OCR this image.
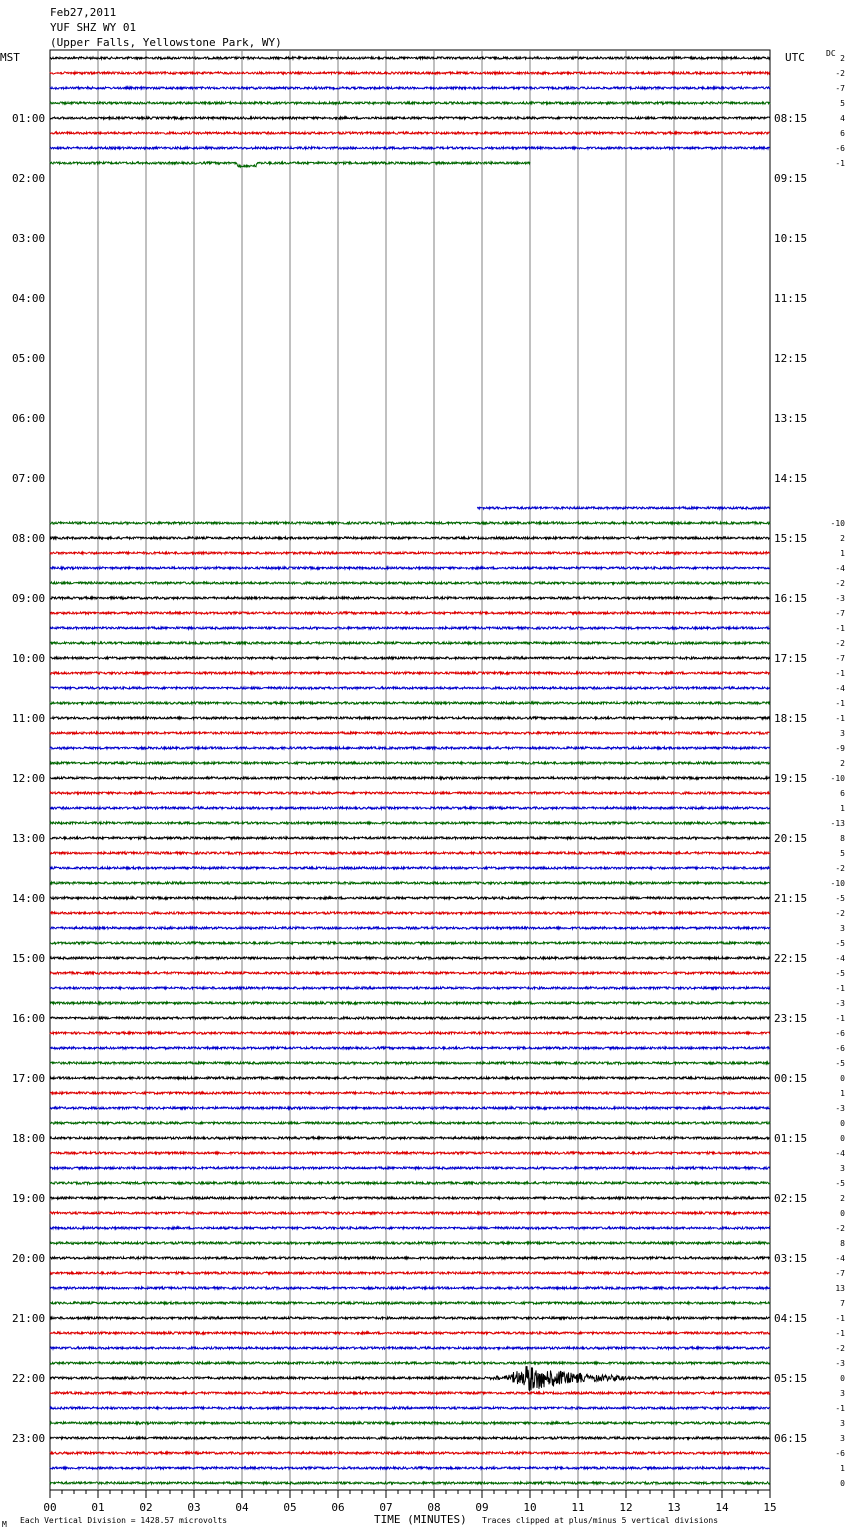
Feb27,2011
YUF SHZ WY 01
(Upper Falls, Yellowstone Park, WY)
MST	UTC	DC
01:00
02:00
03:00
04:00
05:00
06:00
07:00
08:00
09:00
10:00
11:00
12:00
13:00
14:00
15:00
16:00
17:00
18:00
19:00
20:00
21:00
22:00
23:00
08:15
09:15
10:15
11:15
12:15
13:15
14:15
15:15
16:15
17:15
18:15
19:15
20:15
21:15
22:15
23:15
00:15
01:15
02:15
03:15
04:15
05:15
06:15
2
-2
-7
5
4
6
-6
-1
-10
2
1
-4
-2
-3
-7
-1
-2
-7
-1
-4
-1
-1
3
-9
2
-10
6
1
-13
8
5
-2
-10
-5
-2
3
-5
-4
-5
-1
-3
-1
-6
-6
-5
0
1
-3
0
0
-4
3
-5
2
0
-2
8
-4
-7
13
7
-1
-1
-2
-3
0
3
-1
3
3
-6
1
0
00	01	02	03	04	05	06	07	08	09	10	11	12	13	14	15
M Each Vertical Division = 1428.57 microvolts	TIME (MINUTES) Traces clipped at plus/minus 5 vertical divisions
